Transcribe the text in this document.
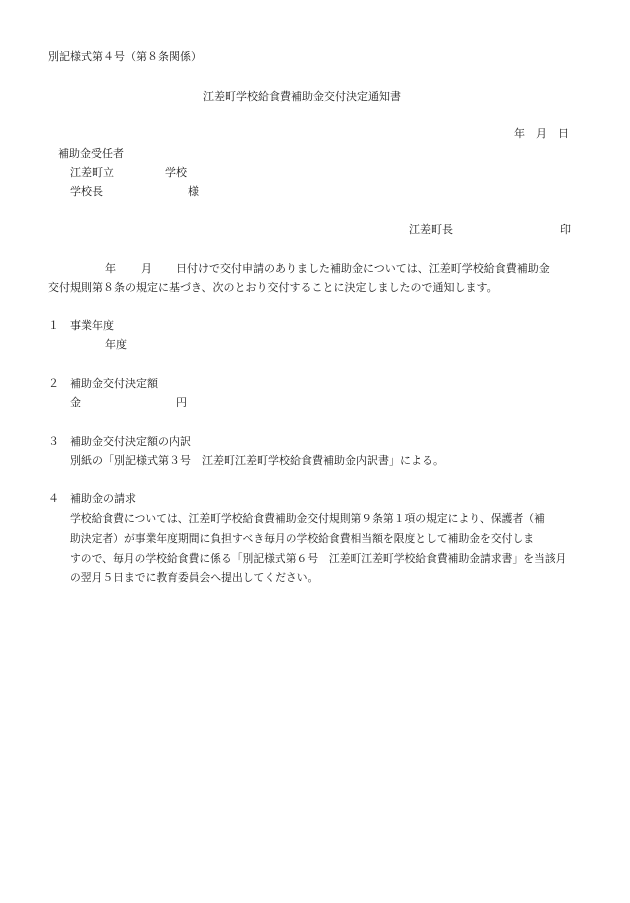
別記様式第４号（第８条関係）
江差町学校給食費補助金交付決定通知書
年　月　日
補助金受任者
江差町立	学校
学校長	様
江差町長	印
年 月 日付けで交付申請のありました補助金については、江差町学校給食費補助金
交付規則第８条の規定に基づき、次のとおり交付することに決定しましたので通知します。
１ 事業年度
年度
２ 補助金交付決定額
金	円
３ 補助金交付決定額の内訳
別紙の「別記様式第３号　江差町江差町学校給食費補助金内訳書」による。
４ 補助金の請求
学校給食費については、江差町学校給食費補助金交付規則第９条第１項の規定により、保護者（補
助決定者）が事業年度期間に負担すべき毎月の学校給食費相当額を限度として補助金を交付しま
すので、毎月の学校給食費に係る「別記様式第６号　江差町江差町学校給食費補助金請求書」を当該月
の翌月５日までに教育委員会へ提出してください。
